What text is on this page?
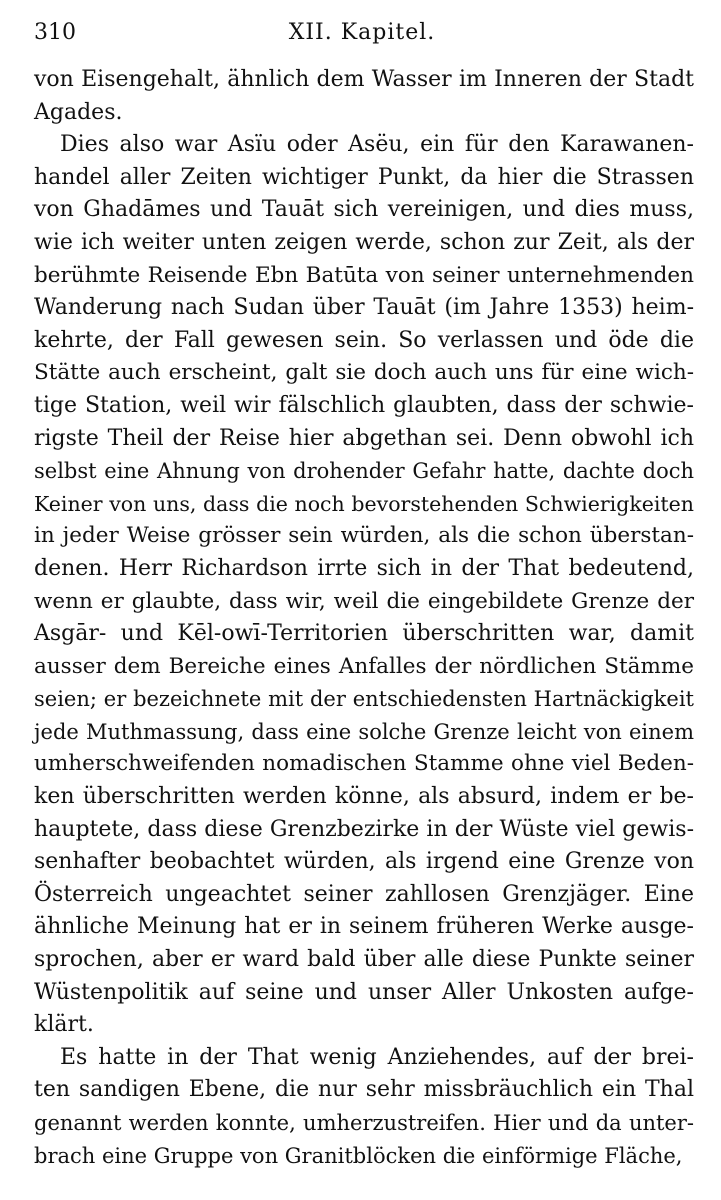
310	XII. Kapitel.
von Eisengehalt, ähnlich dem Wasser im Inneren der Stadt
Agades.
Dies also war Asïu oder Asëu, ein für den Karawanen-
handel aller Zeiten wichtiger Punkt, da hier die Strassen
von Ghadāmes und Tauāt sich vereinigen, und dies muss,
wie ich weiter unten zeigen werde, schon zur Zeit, als der
berühmte Reisende Ebn Batūta von seiner unternehmenden
Wanderung nach Sudan über Tauāt (im Jahre 1353) heim-
kehrte, der Fall gewesen sein. So verlassen und öde die
Stätte auch erscheint, galt sie doch auch uns für eine wich-
tige Station, weil wir fälschlich glaubten, dass der schwie-
rigste Theil der Reise hier abgethan sei. Denn obwohl ich
selbst eine Ahnung von drohender Gefahr hatte, dachte doch
Keiner von uns, dass die noch bevorstehenden Schwierigkeiten
in jeder Weise grösser sein würden, als die schon überstan-
denen. Herr Richardson irrte sich in der That bedeutend,
wenn er glaubte, dass wir, weil die eingebildete Grenze der
Asgār- und Kēl-owī-Territorien überschritten war, damit
ausser dem Bereiche eines Anfalles der nördlichen Stämme
seien; er bezeichnete mit der entschiedensten Hartnäckigkeit
jede Muthmassung, dass eine solche Grenze leicht von einem
umherschweifenden nomadischen Stamme ohne viel Beden-
ken überschritten werden könne, als absurd, indem er be-
hauptete, dass diese Grenzbezirke in der Wüste viel gewis-
senhafter beobachtet würden, als irgend eine Grenze von
Österreich ungeachtet seiner zahllosen Grenzjäger. Eine
ähnliche Meinung hat er in seinem früheren Werke ausge-
sprochen, aber er ward bald über alle diese Punkte seiner
Wüstenpolitik auf seine und unser Aller Unkosten aufge-
klärt.
Es hatte in der That wenig Anziehendes, auf der brei-
ten sandigen Ebene, die nur sehr missbräuchlich ein Thal
genannt werden konnte, umherzustreifen. Hier und da unter-
brach eine Gruppe von Granitblöcken die einförmige Fläche,
